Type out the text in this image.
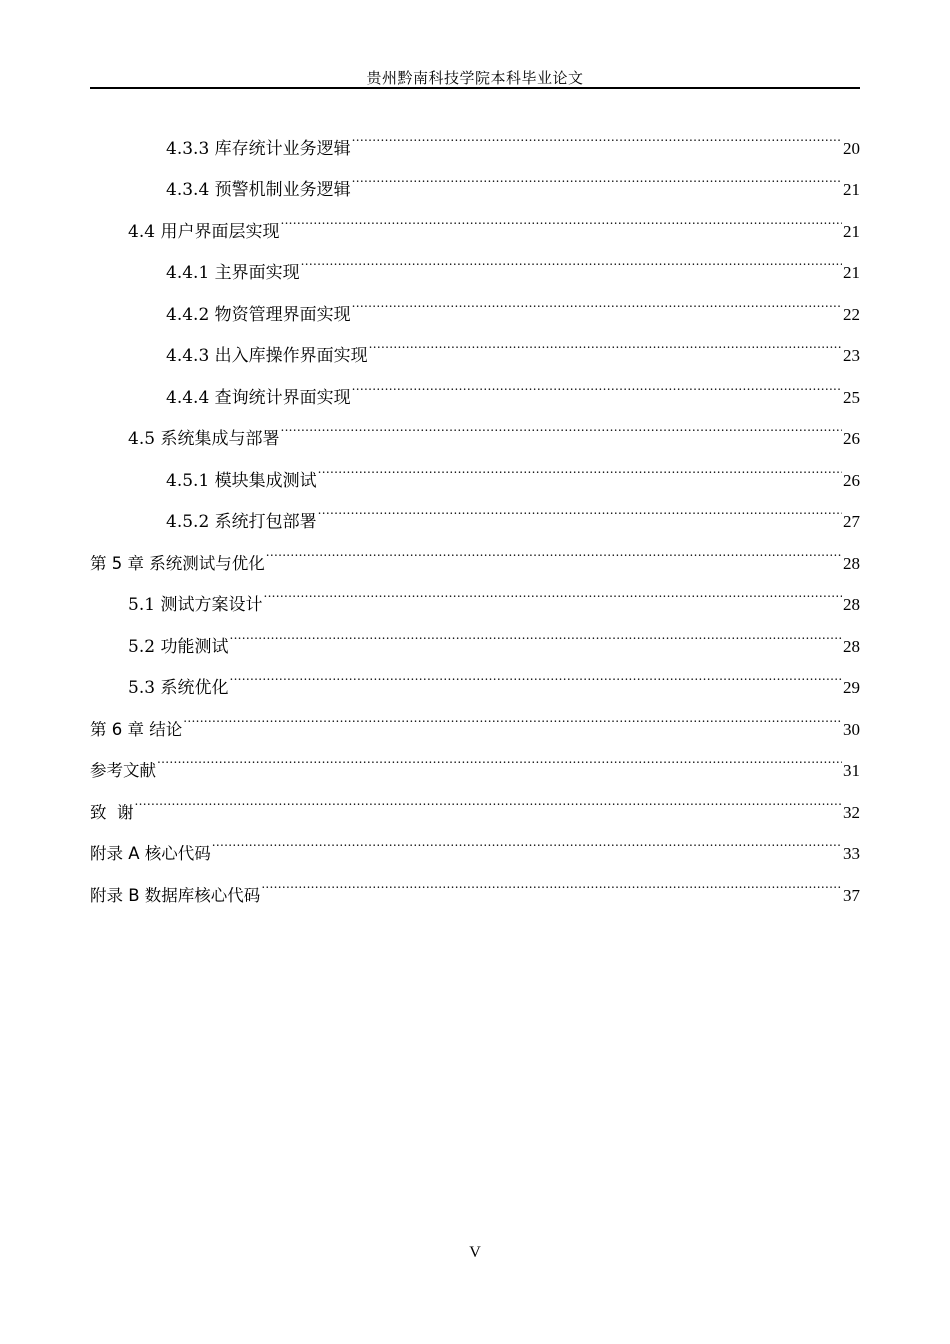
贵州黔南科技学院本科毕业论文
4.3.3 库存统计业务逻辑 .....	20
4.3.4 预警机制业务逻辑 .....	21
4.4 用户界面层实现 .....	21
4.4.1 主界面实现 .....	21
4.4.2 物资管理界面实现 .....	22
4.4.3 出入库操作界面实现 .....	23
4.4.4 查询统计界面实现 .....	25
4.5 系统集成与部署 .....	26
4.5.1 模块集成测试 .....	26
4.5.2 系统打包部署 .....	27
第 5 章 系统测试与优化 .....	28
5.1 测试方案设计 .....	28
5.2 功能测试 .....	28
5.3 系统优化 .....	29
第 6 章 结论 .....	30
参考文献 .....	31
致  谢 .....	32
附录 A 核心代码 .....	33
附录 B 数据库核心代码 .....	37
V
